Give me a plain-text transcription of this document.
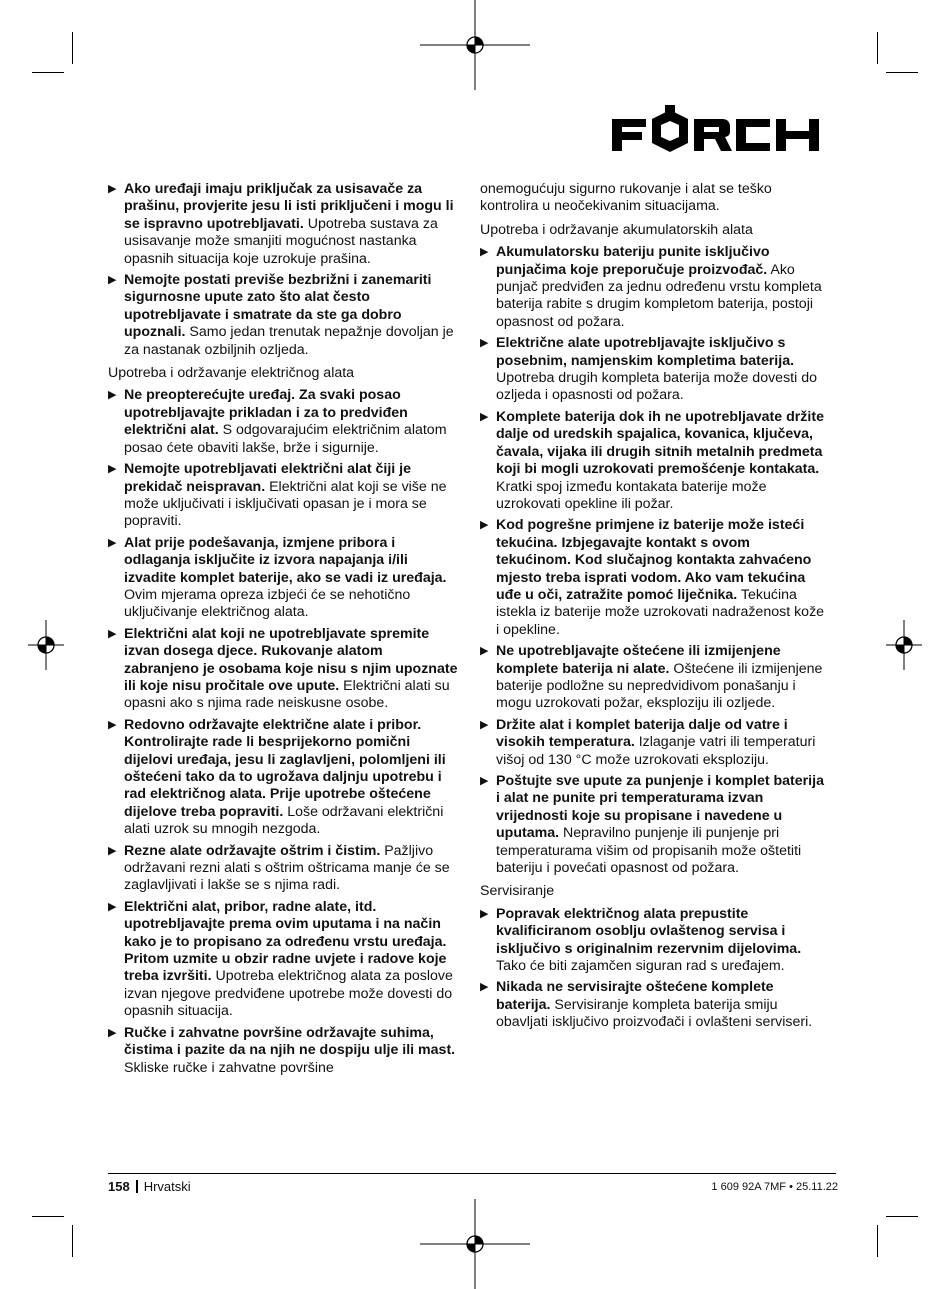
FÖRCH
▶ Ako uređaji imaju priključak za usisavače za prašinu, provjerite jesu li isti priključeni i mogu li se ispravno upotrebljavati. Upotreba sustava za usisavanje može smanjiti mogućnost nastanka opasnih situacija koje uzrokuje prašina.
▶ Nemojte postati previše bezbrižni i zanemariti sigurnosne upute zato što alat često upotrebljavate i smatrate da ste ga dobro upoznali. Samo jedan trenutak nepažnje dovoljan je za nastanak ozbiljnih ozljeda.
Upotreba i održavanje električnog alata
▶ Ne preopterećujte uređaj. Za svaki posao upotrebljavajte prikladan i za to predviđen električni alat. S odgovarajućim električnim alatom posao ćete obaviti lakše, brže i sigurnije.
▶ Nemojte upotrebljavati električni alat čiji je prekidač neispravan. Električni alat koji se više ne može uključivati i isključivati opasan je i mora se popraviti.
▶ Alat prije podešavanja, izmjene pribora i odlaganja isključite iz izvora napajanja i/ili izvadite komplet baterije, ako se vadi iz uređaja. Ovim mjerama opreza izbjeći će se nehotično uključivanje električnog alata.
▶ Električni alat koji ne upotrebljavate spremite izvan dosega djece. Rukovanje alatom zabranjeno je osobama koje nisu s njim upoznate ili koje nisu pročitale ove upute. Električni alati su opasni ako s njima rade neiskusne osobe.
▶ Redovno održavajte električne alate i pribor. Kontrolirajte rade li besprijekorno pomični dijelovi uređaja, jesu li zaglavljeni, polomljeni ili oštećeni tako da to ugrožava daljnju upotrebu i rad električnog alata. Prije upotrebe oštećene dijelove treba popraviti. Loše održavani električni alati uzrok su mnogih nezgoda.
▶ Rezne alate održavajte oštrim i čistim. Pažljivo održavani rezni alati s oštrim oštricama manje će se zaglavljivati i lakše se s njima radi.
▶ Električni alat, pribor, radne alate, itd. upotrebljavajte prema ovim uputama i na način kako je to propisano za određenu vrstu uređaja. Pritom uzmite u obzir radne uvjete i radove koje treba izvršiti. Upotreba električnog alata za poslove izvan njegove predviđene upotrebe može dovesti do opasnih situacija.
▶ Ručke i zahvatne površine održavajte suhima, čistima i pazite da na njih ne dospiju ulje ili mast. Skliske ručke i zahvatne površine
onemogućuju sigurno rukovanje i alat se teško kontrolira u neočekivanim situacijama.
Upotreba i održavanje akumulatorskih alata
▶ Akumulatorsku bateriju punite isključivo punjačima koje preporučuje proizvođač. Ako punjač predviđen za jednu određenu vrstu kompleta baterija rabite s drugim kompletom baterija, postoji opasnost od požara.
▶ Električne alate upotrebljavajte isključivo s posebnim, namjenskim kompletima baterija. Upotreba drugih kompleta baterija može dovesti do ozljeda i opasnosti od požara.
▶ Komplete baterija dok ih ne upotrebljavate držite dalje od uredskih spajalica, kovanica, ključeva, čavala, vijaka ili drugih sitnih metalnih predmeta koji bi mogli uzrokovati premošćenje kontakata. Kratki spoj između kontakata baterije može uzrokovati opekline ili požar.
▶ Kod pogrešne primjene iz baterije može isteći tekućina. Izbjegavajte kontakt s ovom tekućinom. Kod slučajnog kontakta zahvaćeno mjesto treba isprati vodom. Ako vam tekućina uđe u oči, zatražite pomoć liječnika. Tekućina istekla iz baterije može uzrokovati nadraženost kože i opekline.
▶ Ne upotrebljavajte oštećene ili izmijenjene komplete baterija ni alate. Oštećene ili izmijenjene baterije podložne su nepredvidivom ponašanju i mogu uzrokovati požar, eksploziju ili ozljede.
▶ Držite alat i komplet baterija dalje od vatre i visokih temperatura. Izlaganje vatri ili temperaturi višoj od 130 °C može uzrokovati eksploziju.
▶ Poštujte sve upute za punjenje i komplet baterija i alat ne punite pri temperaturama izvan vrijednosti koje su propisane i navedene u uputama. Nepravilno punjenje ili punjenje pri temperaturama višim od propisanih može oštetiti bateriju i povećati opasnost od požara.
Servisiranje
▶ Popravak električnog alata prepustite kvalificiranom osoblju ovlaštenog servisa i isključivo s originalnim rezervnim dijelovima. Tako će biti zajamčen siguran rad s uređajem.
▶ Nikada ne servisirajte oštećene komplete baterija. Servisiranje kompleta baterija smiju obavljati isključivo proizvođači i ovlašteni serviseri.
158 Hrvatski	1 609 92A 7MF • 25.11.22
